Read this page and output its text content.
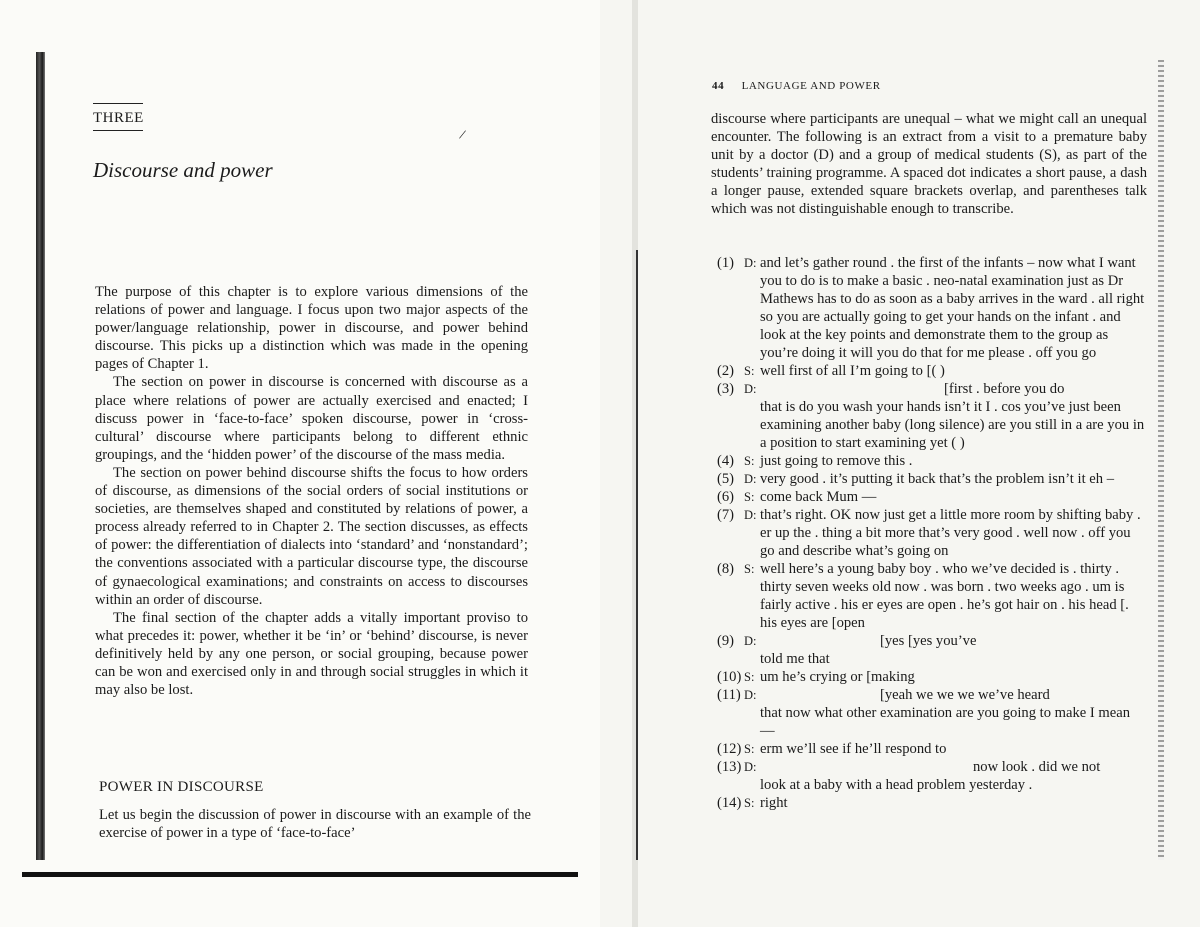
THREE
/
Discourse and power

The purpose of this chapter is to explore various dimensions of the relations of power and language. I focus upon two major aspects of the power/language relationship, power in discourse, and power behind discourse. This picks up a distinction which was made in the opening pages of Chapter 1.

The section on power in discourse is concerned with discourse as a place where relations of power are actually exercised and enacted; I discuss power in ‘face-to-face’ spoken discourse, power in ‘cross-cultural’ discourse where participants belong to different ethnic groupings, and the ‘hidden power’ of the discourse of the mass media.

The section on power behind discourse shifts the focus to how orders of discourse, as dimensions of the social orders of social institutions or societies, are themselves shaped and constituted by relations of power, a process already referred to in Chapter 2. The section discusses, as effects of power: the differentiation of dialects into ‘standard’ and ‘nonstandard’; the conventions associated with a particular discourse type, the discourse of gynaecological examinations; and constraints on access to discourses within an order of discourse.

The final section of the chapter adds a vitally important proviso to what precedes it: power, whether it be ‘in’ or ‘behind’ discourse, is never definitively held by any one person, or social grouping, because power can be won and exercised only in and through social struggles in which it may also be lost.

POWER IN DISCOURSE
Let us begin the discussion of power in discourse with an example of the exercise of power in a type of ‘face-to-face’
44 LANGUAGE AND POWER
discourse where participants are unequal – what we might call an unequal encounter. The following is an extract from a visit to a premature baby unit by a doctor (D) and a group of medical students (S), as part of the students’ training programme. A spaced dot indicates a short pause, a dash a longer pause, extended square brackets overlap, and parentheses talk which was not distinguishable enough to transcribe.
(1) D: and let’s gather round . the first of the infants – now what I want you to do is to make a basic . neo-natal examination just as Dr Mathews has to do as soon as a baby arrives in the ward . all right so you are actually going to get your hands on the infant . and look at the key points and demonstrate them to the group as you’re doing it will you do that for me please . off you go
(2) S: well first of all I’m going to [( )
(3) D:	[first . before you do
that is do you wash your hands isn’t it I . cos you’ve just been examining another baby (long silence) are you still in a are you in a position to start examining yet ( )
(4) S: just going to remove this .
(5) D: very good . it’s putting it back that’s the problem isn’t it eh –
(6) S: come back Mum —
(7) D: that’s right. OK now just get a little more room by shifting baby . er up the . thing a bit more that’s very good . well now . off you go and describe what’s going on
(8) S: well here’s a young baby boy . who we’ve decided is . thirty . thirty seven weeks old now . was born . two weeks ago . um is fairly active . his er eyes are open . he’s got hair on . his head [. his eyes are [open
(9) D:	[yes [yes you’ve
told me that
(10) S: um he’s crying or [making
(11) D:	[yeah we we we we’ve heard
that now what other examination are you going to make I mean —
(12) S: erm we’ll see if he’ll respond to
(13) D:	now look . did we not
look at a baby with a head problem yesterday .
(14) S: right
